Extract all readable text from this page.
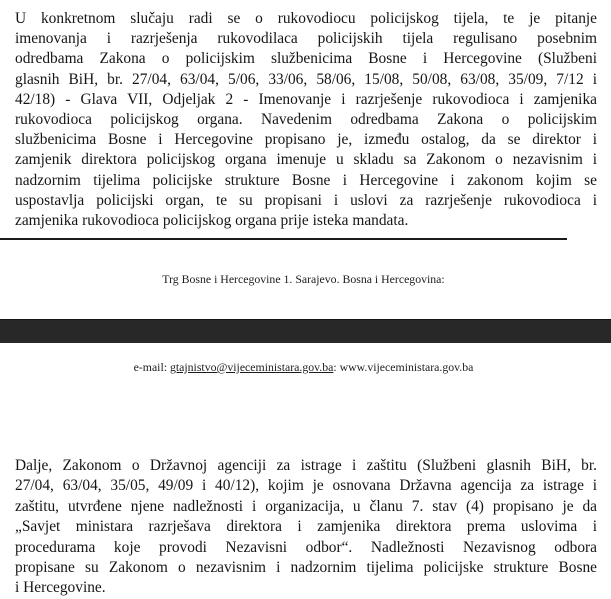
U konkretnom slučaju radi se o rukovodiocu policijskog tijela, te je pitanje
imenovanja i razrješenja rukovodilaca policijskih tijela regulisano posebnim
odredbama Zakona o policijskim službenicima Bosne i Hercegovine (Službeni
glasnih BiH, br. 27/04, 63/04, 5/06, 33/06, 58/06, 15/08, 50/08, 63/08, 35/09, 7/12 i
42/18) - Glava VII, Odjeljak 2 - Imenovanje i razrješenje rukovodioca i zamjenika
rukovodioca policijskog organa. Navedenim odredbama Zakona o policijskim
službenicima Bosne i Hercegovine propisano je, između ostalog, da se direktor i
zamjenik direktora policijskog organa imenuje u skladu sa Zakonom o nezavisnim i
nadzornim tijelima policijske strukture Bosne i Hercegovine i zakonom kojim se
uspostavlja policijski organ, te su propisani i uslovi za razrješenje rukovodioca i
zamjenika rukovodioca policijskog organa prije isteka mandata.

Trg Bosne i Hercegovine 1. Sarajevo. Bosna i Hercegovina:

e-mail: gtajnistvo@vijeceministara.gov.ba: www.vijeceministara.gov.ba

Dalje, Zakonom o Državnoj agenciji za istrage i zaštitu (Službeni glasnih BiH, br.
27/04, 63/04, 35/05, 49/09 i 40/12), kojim je osnovana Državna agencija za istrage i
zaštitu, utvrđene njene nadležnosti i organizacija, u članu 7. stav (4) propisano je da
„Savjet ministara razrješava direktora i zamjenika direktora prema uslovima i
procedurama koje provodi Nezavisni odbor“. Nadležnosti Nezavisnog odbora
propisane su Zakonom o nezavisnim i nadzornim tijelima policijske strukture Bosne
i Hercegovine.
